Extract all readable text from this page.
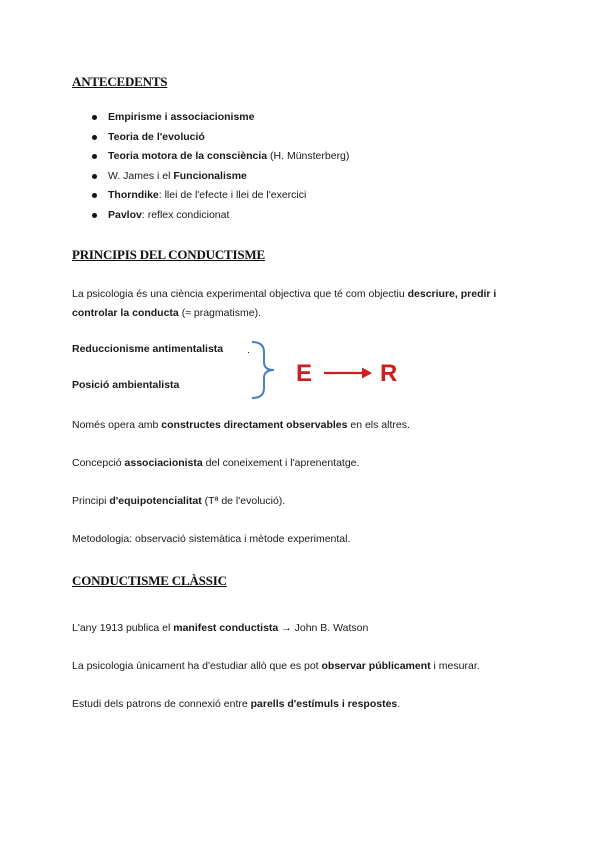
ANTECEDENTS
Empirisme i associacionisme
Teoria de l'evolució
Teoria motora de la consciència (H. Münsterberg)
W. James i el Funcionalisme
Thorndike: llei de l'efecte i llei de l'exercici
Pavlov: reflex condicionat
PRINCIPIS DEL CONDUCTISME
La psicologia és una ciència experimental objectiva que té com objectiu descriure, predir i
controlar la conducta (≈ pragmatisme).
Reduccionisme antimentalista .
Posició ambientalista	E	R
Només opera amb constructes directament observables en els altres.
Concepció associacionista del coneixement i l'aprenentatge.
Principi d'equipotencialitat (Tª de l'evolució).
Metodologia: observació sistemàtica i mètode experimental.
CONDUCTISME CLÀSSIC
L'any 1913 publica el manifest conductista → John B. Watson
La psicologia únicament ha d'estudiar allò que es pot observar públicament i mesurar.
Estudi dels patrons de connexió entre parells d'estímuls i respostes.
